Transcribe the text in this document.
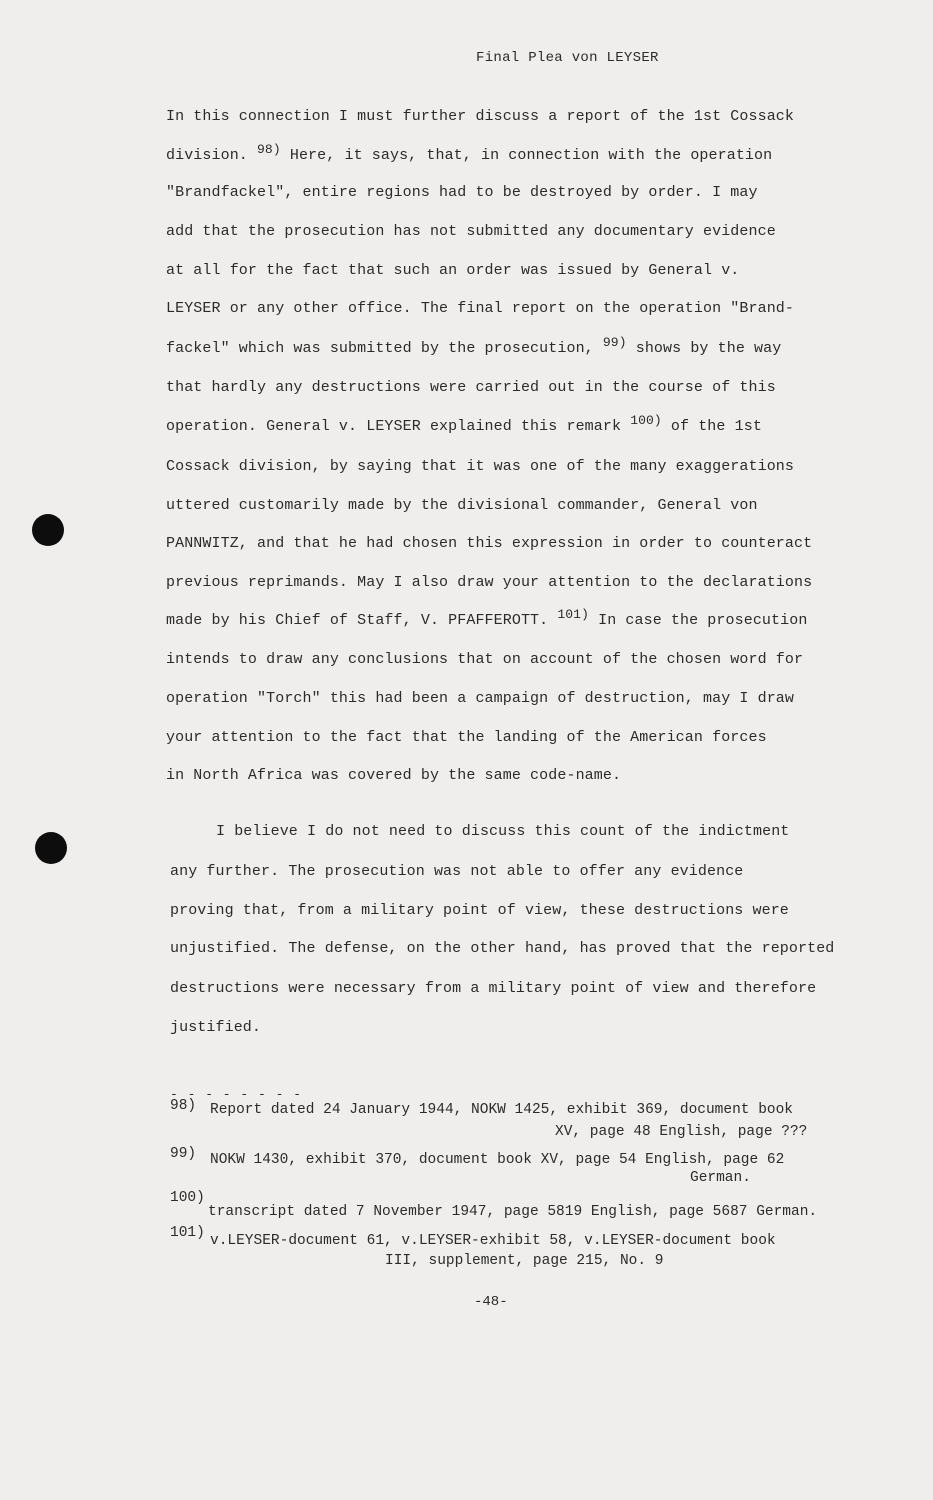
Final Plea von LEYSER
In this connection I must further discuss a report of the 1st Cossack
division. $^{98)}$ Here, it says, that, in connection with the operation
"Brandfackel", entire regions had to be destroyed by order. I may
add that the prosecution has not submitted any documentary evidence
at all for the fact that such an order was issued by General v.
LEYSER or any other office. The final report on the operation "Brand-
fackel" which was submitted by the prosecution, $^{99)}$ shows by the way
that hardly any destructions were carried out in the course of this
operation. General v. LEYSER explained this remark $^{100)}$ of the 1st
Cossack division, by saying that it was one of the many exaggerations
uttered customarily made by the divisional commander, General von
PANNWITZ, and that he had chosen this expression in order to counteract
previous reprimands. May I also draw your attention to the declarations
made by his Chief of Staff, V. PFAFFEROTT. $^{101)}$ In case the prosecution
intends to draw any conclusions that on account of the chosen word for
operation "Torch" this had been a campaign of destruction, may I draw
your attention to the fact that the landing of the American forces
in North Africa was covered by the same code-name.
I believe I do not need to discuss this count of the indictment
any further. The prosecution was not able to offer any evidence
proving that, from a military point of view, these destructions were
unjustified. The defense, on the other hand, has proved that the reported
destructions were necessary from a military point of view and therefore
justified.
- - - - - - - -
98) Report dated 24 January 1944, NOKW 1425, exhibit 369, document book
XV, page 48 English, page ???
99) NOKW 1430, exhibit 370, document book XV, page 54 English, page 62
German.
100)
transcript dated 7 November 1947, page 5819 English, page 5687 German.
101) v.LEYSER-document 61, v.LEYSER-exhibit 58, v.LEYSER-document book
III, supplement, page 215, No. 9
-48-
